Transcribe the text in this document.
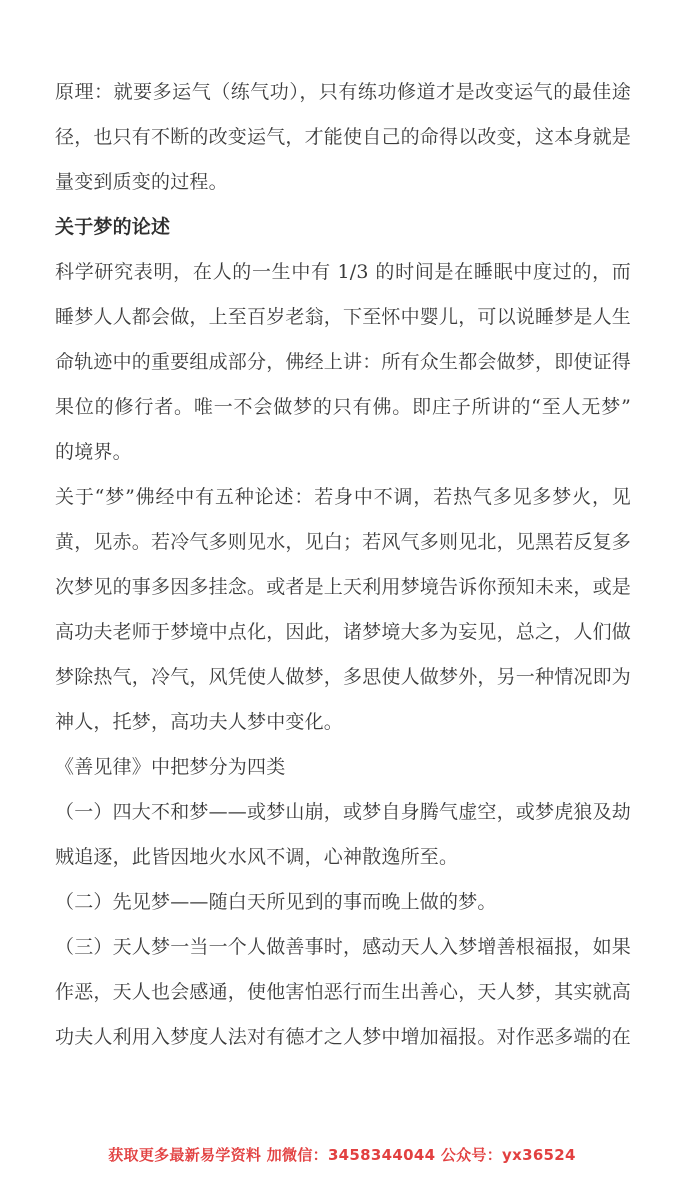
原理：就要多运气（练气功），只有练功修道才是改变运气的最佳途径，也只有不断的改变运气，才能使自己的命得以改变，这本身就是量变到质变的过程。

关于梦的论述

科学研究表明，在人的一生中有 1/3 的时间是在睡眠中度过的，而睡梦人人都会做，上至百岁老翁，下至怀中婴儿，可以说睡梦是人生命轨迹中的重要组成部分，佛经上讲：所有众生都会做梦，即使证得果位的修行者。唯一不会做梦的只有佛。即庄子所讲的“至人无梦”的境界。

关于“梦”佛经中有五种论述：若身中不调，若热气多见多梦火，见黄，见赤。若冷气多则见水，见白；若风气多则见北，见黑若反复多次梦见的事多因多挂念。或者是上天利用梦境告诉你预知未来，或是高功夫老师于梦境中点化，因此，诸梦境大多为妄见，总之，人们做梦除热气，冷气，风凭使人做梦，多思使人做梦外，另一种情况即为神人，托梦，高功夫人梦中变化。

《善见律》中把梦分为四类

（一）四大不和梦——或梦山崩，或梦自身腾气虚空，或梦虎狼及劫贼追逐，此皆因地火水风不调，心神散逸所至。

（二）先见梦——随白天所见到的事而晚上做的梦。

（三）天人梦一当一个人做善事时，感动天人入梦增善根福报，如果作恶，天人也会感通，使他害怕恶行而生出善心，天人梦，其实就高功夫人利用入梦度人法对有德才之人梦中增加福报。对作恶多端的在

获取更多最新易学资料 加微信：3458344044 公众号：yx36524
